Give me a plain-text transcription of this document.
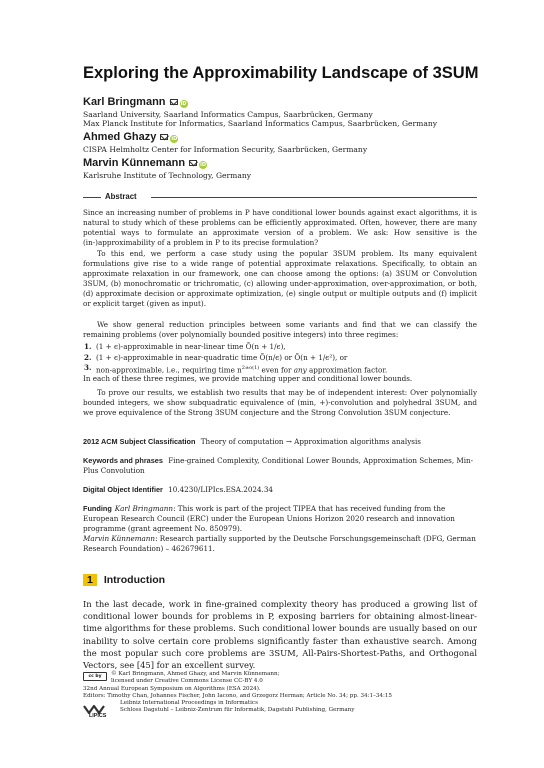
Exploring the Approximability Landscape of 3SUM
Karl Bringmann	iD
Saarland University, Saarland Informatics Campus, Saarbrücken, Germany
Max Planck Institute for Informatics, Saarland Informatics Campus, Saarbrücken, Germany
Ahmed Ghazy	iD
CISPA Helmholtz Center for Information Security, Saarbrücken, Germany
Marvin Künnemann	iD
Karlsruhe Institute of Technology, Germany
Abstract
Since an increasing number of problems in P have conditional lower bounds against exact algorithms, it is natural to study which of these problems can be efficiently approximated. Often, however, there are many potential ways to formulate an approximate version of a problem. We ask: How sensitive is the (in-)approximability of a problem in P to its precise formulation?
To this end, we perform a case study using the popular 3SUM problem. Its many equivalent formulations give rise to a wide range of potential approximate relaxations. Specifically, to obtain an approximate relaxation in our framework, one can choose among the options: (a) 3SUM or Convolution 3SUM, (b) monochromatic or trichromatic, (c) allowing under-approximation, over-approximation, or both, (d) approximate decision or approximate optimization, (e) single output or multiple outputs and (f) implicit or explicit target (given as input).
We show general reduction principles between some variants and find that we can classify the remaining problems (over polynomially bounded positive integers) into three regimes:
1. (1 + ϵ)-approximable in near-linear time Õ(n + 1/ϵ),
2. (1 + ϵ)-approximable in near-quadratic time Õ(n/ϵ) or Õ(n + 1/ϵ²), or
3. non-approximable, i.e., requiring time $n^{2\pm o(1)}$ even for any approximation factor.
In each of these three regimes, we provide matching upper and conditional lower bounds.
To prove our results, we establish two results that may be of independent interest: Over polynomially bounded integers, we show subquadratic equivalence of (min, +)-convolution and polyhedral 3SUM, and we prove equivalence of the Strong 3SUM conjecture and the Strong Convolution 3SUM conjecture.
2012 ACM Subject Classification Theory of computation → Approximation algorithms analysis
Keywords and phrases Fine-grained Complexity, Conditional Lower Bounds, Approximation Schemes, Min-Plus Convolution
Digital Object Identifier 10.4230/LIPIcs.ESA.2024.34
Funding Karl Bringmann: This work is part of the project TIPEA that has received funding from the European Research Council (ERC) under the European Unions Horizon 2020 research and innovation programme (grant agreement No. 850979).
Marvin Künnemann: Research partially supported by the Deutsche Forschungsgemeinschaft (DFG, German Research Foundation) – 462679611.
1 Introduction
In the last decade, work in fine-grained complexity theory has produced a growing list of conditional lower bounds for problems in P, exposing barriers for obtaining almost-linear-time algorithms for these problems. Such conditional lower bounds are usually based on our inability to solve certain core problems significantly faster than exhaustive search. Among the most popular such core problems are 3SUM, All-Pairs-Shortest-Paths, and Orthogonal Vectors, see [45] for an excellent survey.
cc by	© Karl Bringmann, Ahmed Ghazy, and Marvin Künnemann;
licensed under Creative Commons License CC-BY 4.0
32nd Annual European Symposium on Algorithms (ESA 2024).
Editors: Timothy Chan, Johannes Fischer, John Iacono, and Grzegorz Herman; Article No. 34; pp. 34:1–34:15
Leibniz International Proceedings in Informatics
Schloss Dagstuhl – Leibniz-Zentrum für Informatik, Dagstuhl Publishing, Germany
LIPICS
